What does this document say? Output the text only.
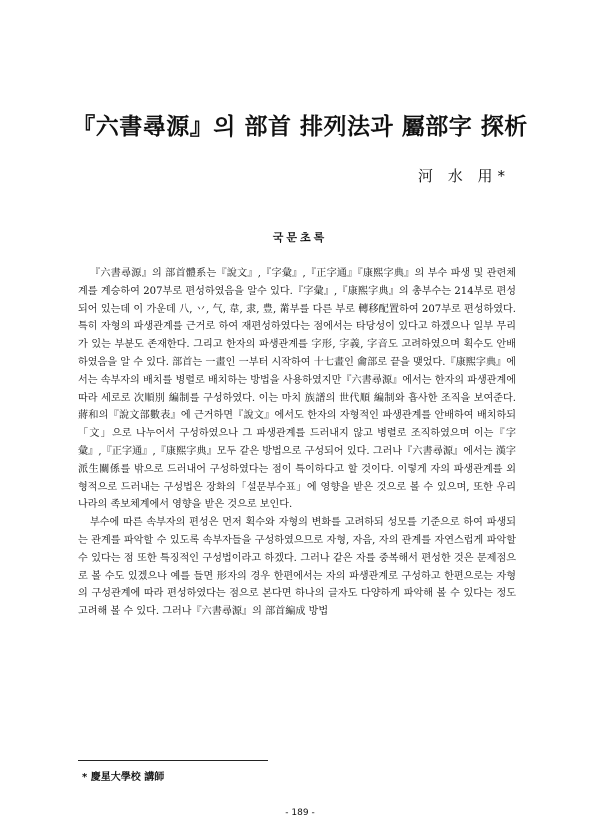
『六書尋源』의 部首 排列法과 屬部字 探析
河 水 用*
국문초록

『六書尋源』의 部首體系는『說文』,『字彙』,『正字通』『康熙字典』의 부수 파생 및 관련체계를 계승하여 207부로 편성하였음을 알수 있다.『字彙』,『康熙字典』의 총부수는 214부로 편성되어 있는데 이 가운데 八, 丷, 气, 韋, 隶, 豊, 黹부를 다른 부로 轉移配置하여 207부로 편성하였다. 특히 자형의 파생관계를 근거로 하여 재편성하였다는 점에서는 타당성이 있다고 하겠으나 일부 무리가 있는 부분도 존재한다. 그리고 한자의 파생관계를 字形, 字義, 字音도 고려하였으며 획수도 안배하였음을 알 수 있다. 部首는 一畫인 一부터 시작하여 十七畫인 龠部로 끝을 맺었다.『康熙字典』에서는 속부자의 배치를 병렬로 배치하는 방법을 사용하였지만『六書尋源』에서는 한자의 파생관계에 따라 세로로 次順別 編制를 구성하였다. 이는 마치 族譜의 世代順 編制와 흡사한 조직을 보여준다. 蔣和의『說文部數表』에 근거하면『說文』에서도 한자의 자형적인 파생관계를 안배하여 배치하되「文」으로 나누어서 구성하였으나 그 파생관계를 드러내지 않고 병렬로 조직하였으며 이는『字彙』,『正字通』,『康熙字典』모두 같은 방법으로 구성되어 있다. 그러나『六書尋源』에서는 漢字派生關係를 밖으로 드러내어 구성하였다는 점이 특이하다고 할 것이다. 이렇게 자의 파생관계를 외형적으로 드러내는 구성법은 장화의「설문부수표」에 영향을 받은 것으로 볼 수 있으며, 또한 우리나라의 족보체계에서 영향을 받은 것으로 보인다.

부수에 따른 속부자의 편성은 먼저 획수와 자형의 변화를 고려하되 성모를 기준으로 하여 파생되는 관계를 파악할 수 있도록 속부자들을 구성하였으므로 자형, 자음, 자의 관계를 자연스럽게 파악할 수 있다는 점 또한 특징적인 구성법이라고 하겠다. 그러나 같은 자를 중복해서 편성한 것은 문제점으로 볼 수도 있겠으나 예를 들면 形자의 경우 한편에서는 자의 파생관계로 구성하고 한편으로는 자형의 구성관계에 따라 편성하였다는 점으로 본다면 하나의 글자도 다양하게 파악해 볼 수 있다는 정도 고려해 볼 수 있다. 그러나『六書尋源』의 部首編成 방법

* 慶星大學校 講師
- 189 -
